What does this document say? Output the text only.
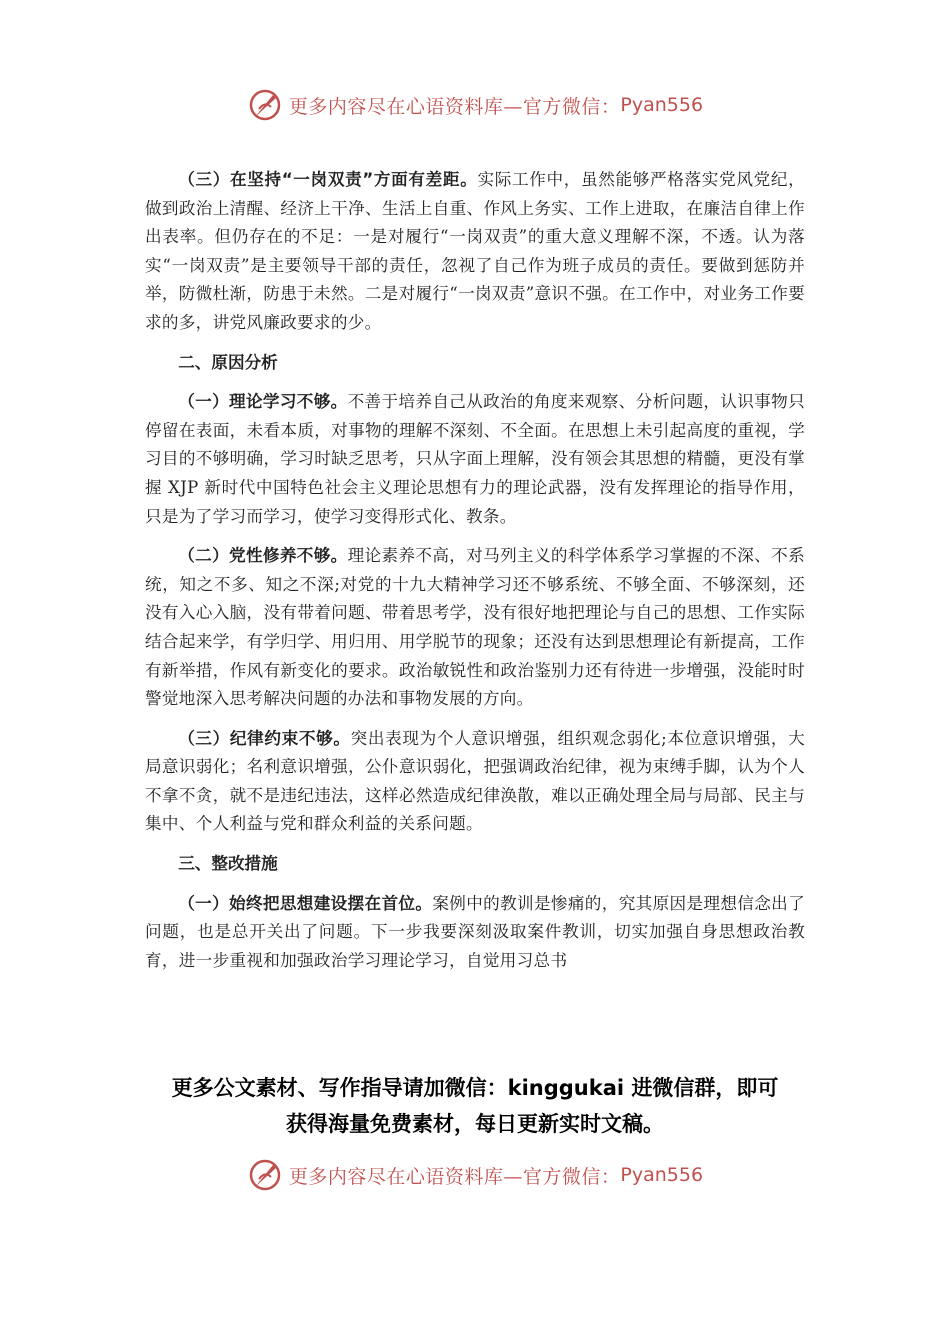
更多内容尽在心语资料库—官方微信： Pyan556

（三）在坚持“一岗双责”方面有差距。实际工作中，虽然能够严格落实党风党纪，做到政治上清醒、经济上干净、生活上自重、作风上务实、工作上进取，在廉洁自律上作出表率。但仍存在的不足：一是对履行“一岗双责”的重大意义理解不深，不透。认为落实“一岗双责”是主要领导干部的责任，忽视了自己作为班子成员的责任。要做到惩防并举，防微杜渐，防患于未然。二是对履行“一岗双责”意识不强。在工作中，对业务工作要求的多，讲党风廉政要求的少。

二、原因分析

（一）理论学习不够。不善于培养自己从政治的角度来观察、分析问题，认识事物只停留在表面，未看本质，对事物的理解不深刻、不全面。在思想上未引起高度的重视，学习目的不够明确，学习时缺乏思考，只从字面上理解，没有领会其思想的精髓，更没有掌握 XJP 新时代中国特色社会主义理论思想有力的理论武器，没有发挥理论的指导作用，只是为了学习而学习，使学习变得形式化、教条。

（二）党性修养不够。理论素养不高，对马列主义的科学体系学习掌握的不深、不系统，知之不多、知之不深;对党的十九大精神学习还不够系统、不够全面、不够深刻，还没有入心入脑，没有带着问题、带着思考学，没有很好地把理论与自己的思想、工作实际结合起来学，有学归学、用归用、用学脱节的现象；还没有达到思想理论有新提高，工作有新举措，作风有新变化的要求。政治敏锐性和政治鉴别力还有待进一步增强，没能时时警觉地深入思考解决问题的办法和事物发展的方向。

（三）纪律约束不够。突出表现为个人意识增强，组织观念弱化;本位意识增强，大局意识弱化；名利意识增强，公仆意识弱化，把强调政治纪律，视为束缚手脚，认为个人不拿不贪，就不是违纪违法，这样必然造成纪律涣散，难以正确处理全局与局部、民主与集中、个人利益与党和群众利益的关系问题。

三、整改措施

（一）始终把思想建设摆在首位。案例中的教训是惨痛的，究其原因是理想信念出了问题，也是总开关出了问题。下一步我要深刻汲取案件教训，切实加强自身思想政治教育，进一步重视和加强政治学习理论学习，自觉用习总书

更多公文素材、写作指导请加微信：kinggukai 进微信群，即可
获得海量免费素材，每日更新实时文稿。
更多内容尽在心语资料库—官方微信： Pyan556
